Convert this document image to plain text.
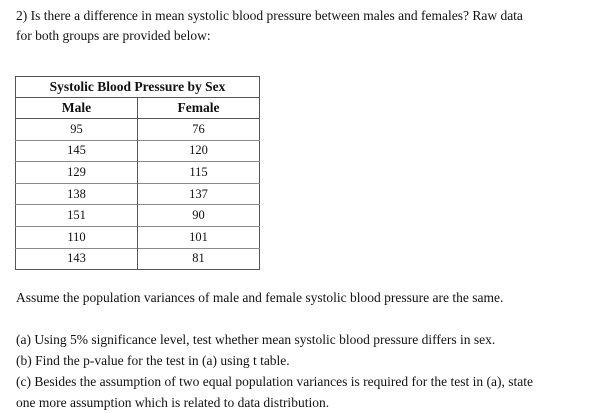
2) Is there a difference in mean systolic blood pressure between males and females? Raw data

for both groups are provided below:

Systolic Blood Pressure by Sex	
Male	Female
95	76
145	120
129	115
138	137
151	90
110	101
143	81

Assume the population variances of male and female systolic blood pressure are the same.

(a) Using 5% significance level, test whether mean systolic blood pressure differs in sex.

(b) Find the p-value for the test in (a) using t table.

(c) Besides the assumption of two equal population variances is required for the test in (a), state

one more assumption which is related to data distribution.
